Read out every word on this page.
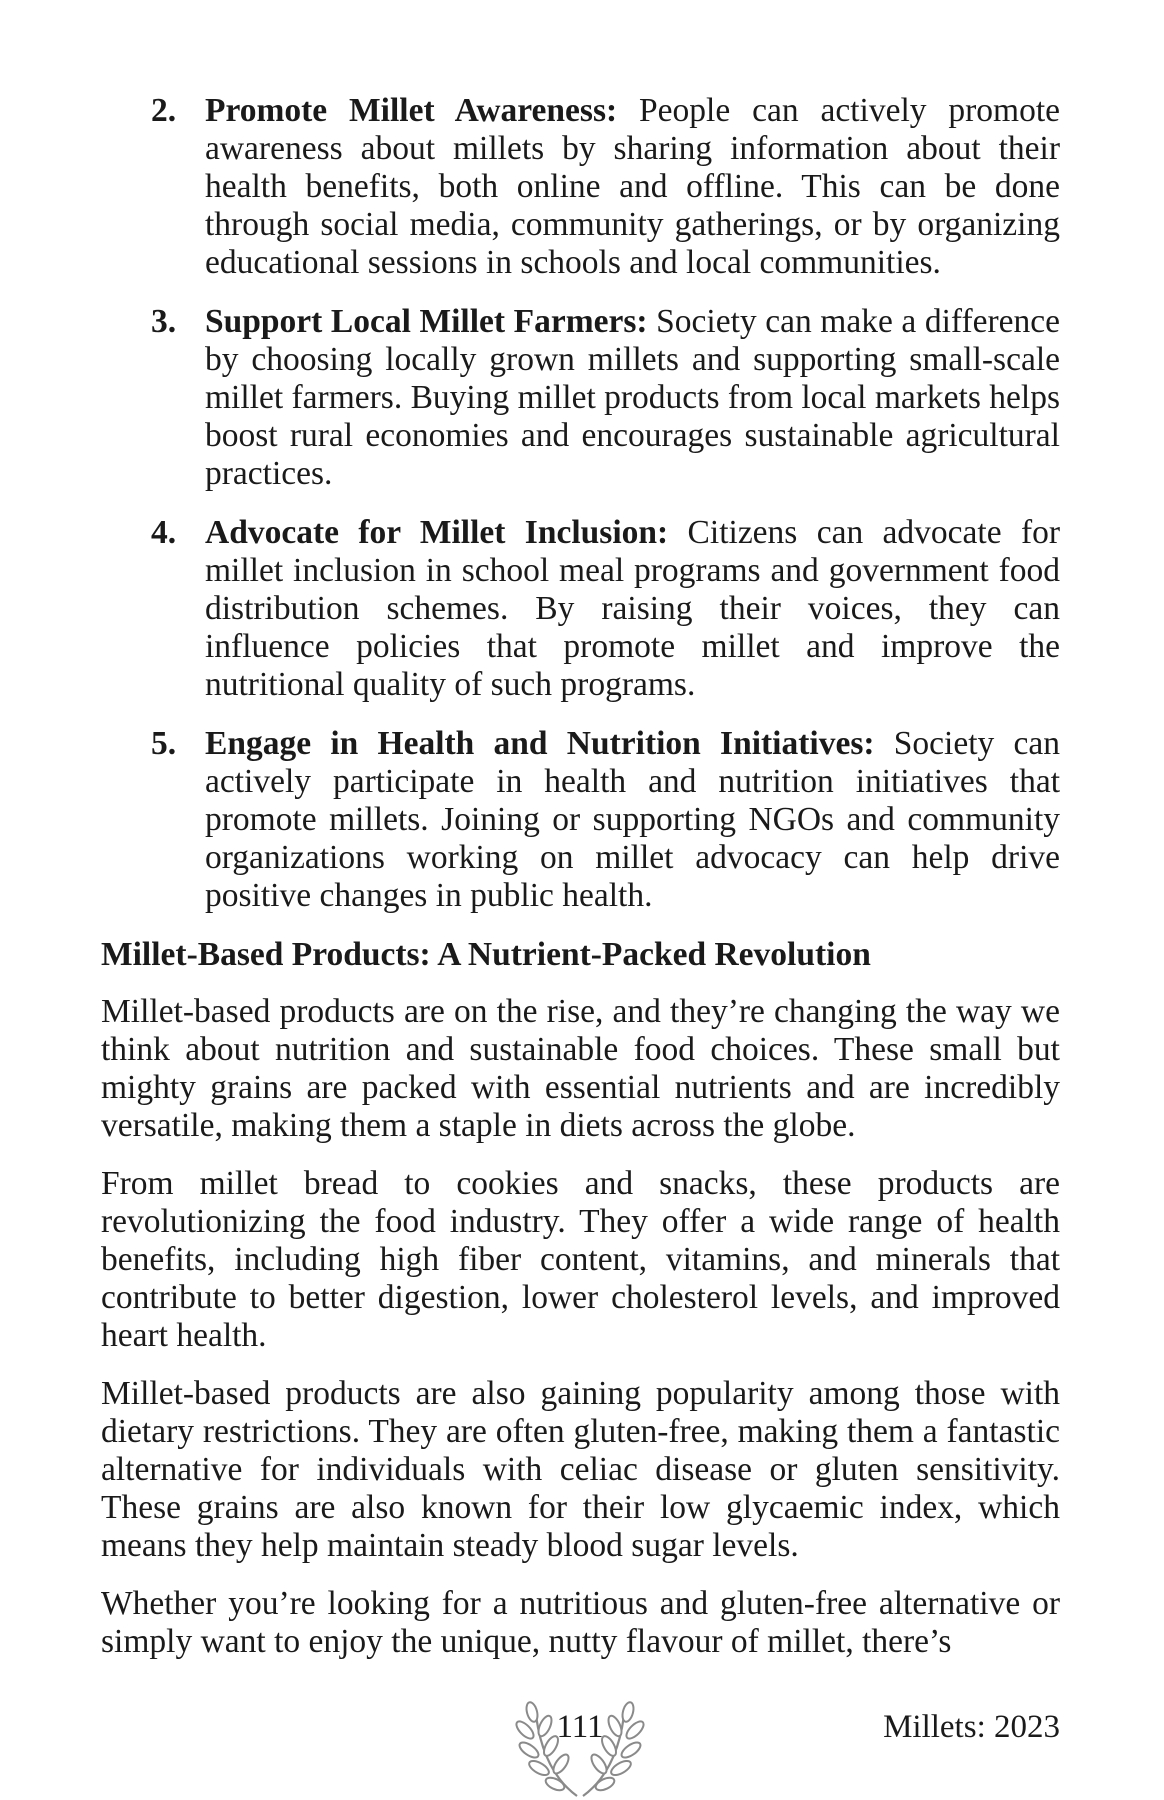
2. Promote Millet Awareness: People can actively promote awareness about millets by sharing information about their health benefits, both online and offline. This can be done through social media, community gatherings, or by organizing educational sessions in schools and local communities.
3. Support Local Millet Farmers: Society can make a difference by choosing locally grown millets and supporting small-scale millet farmers. Buying millet products from local markets helps boost rural economies and encourages sustainable agricultural practices.
4. Advocate for Millet Inclusion: Citizens can advocate for millet inclusion in school meal programs and government food distribution schemes. By raising their voices, they can influence policies that promote millet and improve the nutritional quality of such programs.
5. Engage in Health and Nutrition Initiatives: Society can actively participate in health and nutrition initiatives that promote millets. Joining or supporting NGOs and community organizations working on millet advocacy can help drive positive changes in public health.
Millet-Based Products: A Nutrient-Packed Revolution

Millet-based products are on the rise, and they’re changing the way we think about nutrition and sustainable food choices. These small but mighty grains are packed with essential nutrients and are incredibly versatile, making them a staple in diets across the globe.

From millet bread to cookies and snacks, these products are revolutionizing the food industry. They offer a wide range of health benefits, including high fiber content, vitamins, and minerals that contribute to better digestion, lower cholesterol levels, and improved heart health.

Millet-based products are also gaining popularity among those with dietary restrictions. They are often gluten-free, making them a fantastic alternative for individuals with celiac disease or gluten sensitivity. These grains are also known for their low glycaemic index, which means they help maintain steady blood sugar levels.

Whether you’re looking for a nutritious and gluten-free alternative or simply want to enjoy the unique, nutty flavour of millet, there’s

111	Millets: 2023
